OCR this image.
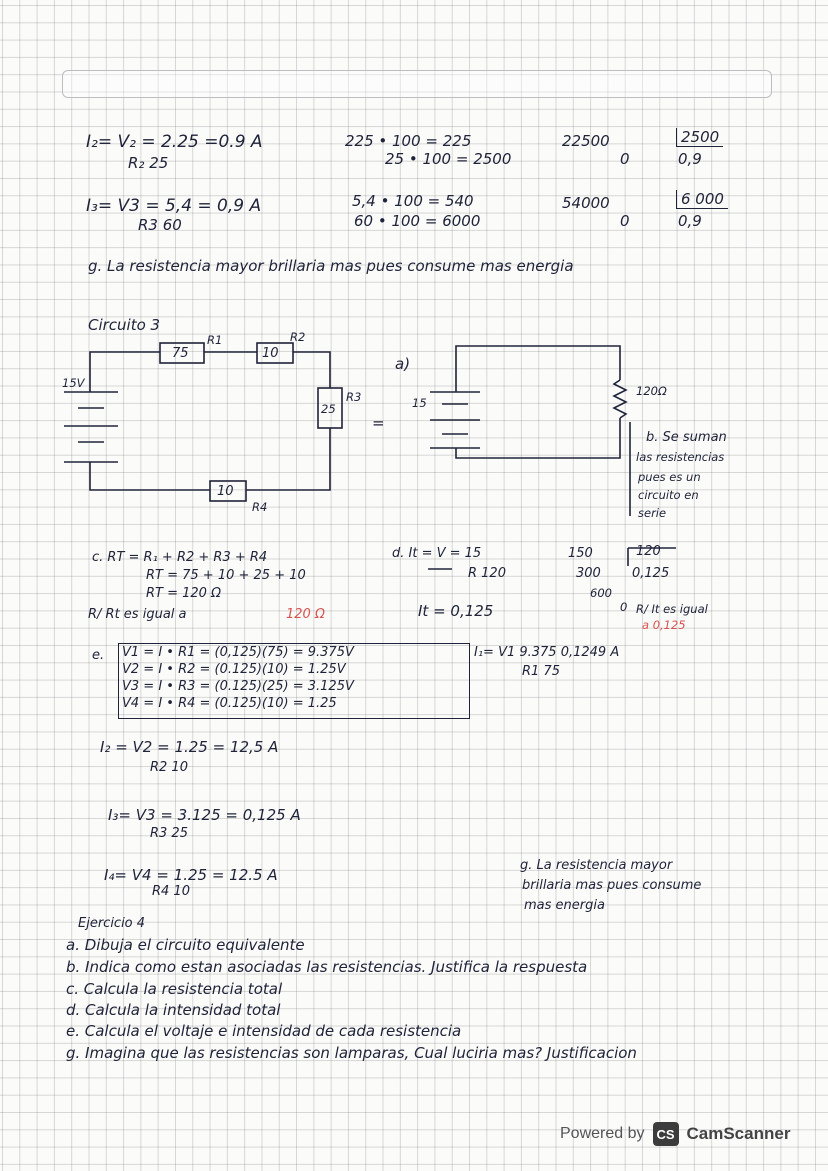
I₂= V₂ = 2.25 =0.9 A
R₂ 25
225 • 100 = 225
25 • 100 = 2500
22500
0
2500
0,9
I₃= V3 = 5,4 = 0,9 A
R3 60
5,4 • 100 = 540
60 • 100 = 6000
54000
0
6 000
0,9
g. La resistencia mayor brillaria mas pues consume mas energia
Circuito 3
R1
75
R2
10
R3
25
R4
10
15V
=
a)
15
120Ω
b. Se suman
las resistencias
pues es un
circuito en
serie
c. RT = R₁ + R2 + R3 + R4
RT = 75 + 10 + 25 + 10
RT = 120 Ω
R/ Rt es igual a	120 Ω
d. It = V = 15
R 120
It = 0,125
150	120
300 0,125
600
0 R/ It es igual
a 0,125
e. V1 = I • R1 = (0,125)(75) = 9.375V
V2 = I • R2 = (0.125)(10) = 1.25V
V3 = I • R3 = (0.125)(25) = 3.125V
V4 = I • R4 = (0.125)(10) = 1.25
I₁= V1 9.375 0,1249 A
R1 75
I₂ = V2 = 1.25 = 12,5 A
R2 10
I₃= V3 = 3.125 = 0,125 A
R3 25
I₄= V4 = 1.25 = 12.5 A
R4 10
g. La resistencia mayor
brillaria mas pues consume
mas energia
Ejercicio 4
a. Dibuja el circuito equivalente
b. Indica como estan asociadas las resistencias. Justifica la respuesta
c. Calcula la resistencia total
d. Calcula la intensidad total
e. Calcula el voltaje e intensidad de cada resistencia
g. Imagina que las resistencias son lamparas, Cual luciria mas? Justificacion
Powered by CS CamScanner
